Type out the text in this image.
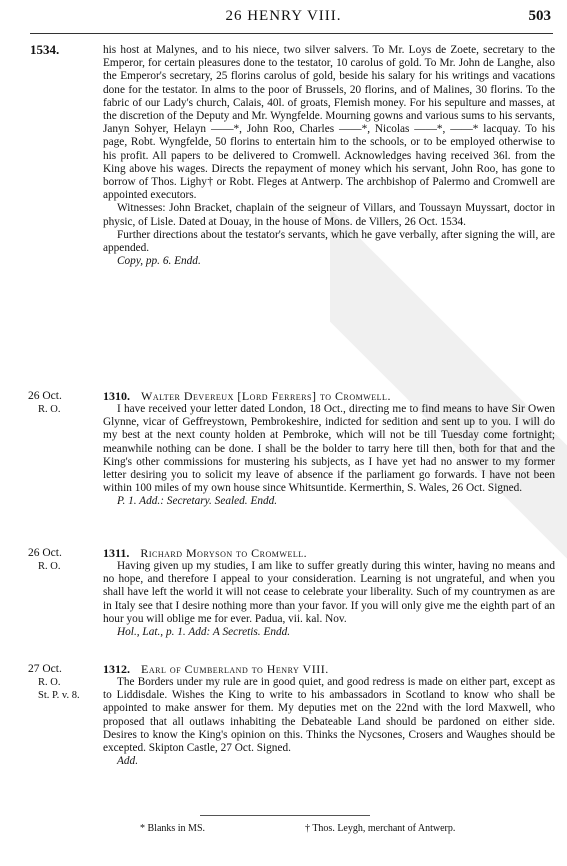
26 HENRY VIII.	503
1534.	his host at Malynes, and to his niece, two silver salvers. To Mr. Loys de Zoete, secretary to the Emperor, for certain pleasures done to the testator, 10 carolus of gold. To Mr. John de Langhe, also the Emperor's secretary, 25 florins carolus of gold, beside his salary for his writings and vacations done for the testator. In alms to the poor of Brussels, 20 florins, and of Malines, 30 florins. To the fabric of our Lady's church, Calais, 40l. of groats, Flemish money. For his sepulture and masses, at the discretion of the Deputy and Mr. Wyngfelde. Mourning gowns and various sums to his servants, Janyn Sohyer, Helayn ——*, John Roo, Charles ——*, Nicolas ——*, ——* lacquay. To his page, Robt. Wyngfelde, 50 florins to entertain him to the schools, or to be employed otherwise to his profit. All papers to be delivered to Cromwell. Acknowledges having received 36l. from the King above his wages. Directs the repayment of money which his servant, John Roo, has gone to borrow of Thos. Lighy† or Robt. Fleges at Antwerp. The archbishop of Palermo and Cromwell are appointed executors.

Witnesses: John Bracket, chaplain of the seigneur of Villars, and Toussayn Muyssart, doctor in physic, of Lisle. Dated at Douay, in the house of Mons. de Villers, 26 Oct. 1534.

Further directions about the testator's servants, which he gave verbally, after signing the will, are appended.

Copy, pp. 6. Endd.

26 Oct.
R. O.

1310. Walter Devereux [Lord Ferrers] to Cromwell.

I have received your letter dated London, 18 Oct., directing me to find means to have Sir Owen Glynne, vicar of Geffreystown, Pembrokeshire, indicted for sedition and sent up to you. I will do my best at the next county holden at Pembroke, which will not be till Tuesday come fortnight; meanwhile nothing can be done. I shall be the bolder to tarry here till then, both for that and the King's other commissions for mustering his subjects, as I have yet had no answer to my former letter desiring you to solicit my leave of absence if the parliament go forwards. I have not been within 100 miles of my own house since Whitsuntide. Kermerthin, S. Wales, 26 Oct. Signed.

P. 1. Add.: Secretary. Sealed. Endd.

26 Oct.
R. O.

1311. Richard Moryson to Cromwell.

Having given up my studies, I am like to suffer greatly during this winter, having no means and no hope, and therefore I appeal to your consideration. Learning is not ungrateful, and when you shall have left the world it will not cease to celebrate your liberality. Such of my countrymen as are in Italy see that I desire nothing more than your favor. If you will only give me the eighth part of an hour you will oblige me for ever. Padua, vii. kal. Nov.

Hol., Lat., p. 1. Add: A Secretis. Endd.

27 Oct.
R. O.
St. P. v. 8.

1312. Earl of Cumberland to Henry VIII.

The Borders under my rule are in good quiet, and good redress is made on either part, except as to Liddisdale. Wishes the King to write to his ambassadors in Scotland to know who shall be appointed to make answer for them. My deputies met on the 22nd with the lord Maxwell, who proposed that all outlaws inhabiting the Debateable Land should be pardoned on either side. Desires to know the King's opinion on this. Thinks the Nycsones, Crosers and Waughes should be excepted. Skipton Castle, 27 Oct. Signed.

Add.

* Blanks in MS.	† Thos. Leygh, merchant of Antwerp.
